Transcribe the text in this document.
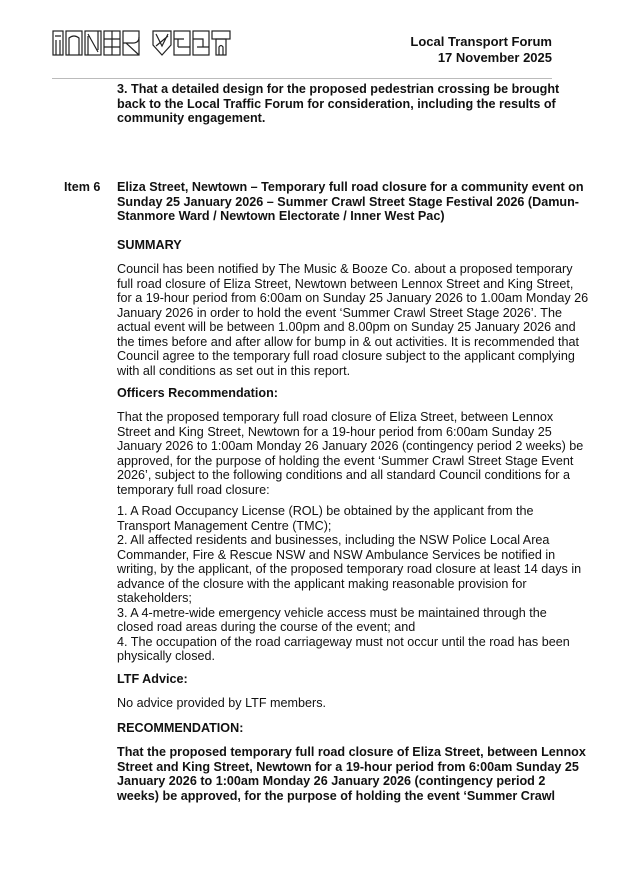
Local Transport Forum
17 November 2025
3. That a detailed design for the proposed pedestrian crossing be brought
back to the Local Traffic Forum for consideration, including the results of
community engagement.
Item 6 Eliza Street, Newtown – Temporary full road closure for a community event on
Sunday 25 January 2026 – Summer Crawl Street Stage Festival 2026 (Damun-
Stanmore Ward / Newtown Electorate / Inner West Pac)
SUMMARY
Council has been notified by The Music & Booze Co. about a proposed temporary
full road closure of Eliza Street, Newtown between Lennox Street and King Street,
for a 19-hour period from 6:00am on Sunday 25 January 2026 to 1.00am Monday 26
January 2026 in order to hold the event ‘Summer Crawl Street Stage 2026’. The
actual event will be between 1.00pm and 8.00pm on Sunday 25 January 2026 and
the times before and after allow for bump in & out activities. It is recommended that
Council agree to the temporary full road closure subject to the applicant complying
with all conditions as set out in this report.
Officers Recommendation:
That the proposed temporary full road closure of Eliza Street, between Lennox
Street and King Street, Newtown for a 19-hour period from 6:00am Sunday 25
January 2026 to 1:00am Monday 26 January 2026 (contingency period 2 weeks) be
approved, for the purpose of holding the event ‘Summer Crawl Street Stage Event
2026’, subject to the following conditions and all standard Council conditions for a
temporary full road closure:
1. A Road Occupancy License (ROL) be obtained by the applicant from the
Transport Management Centre (TMC);
2. All affected residents and businesses, including the NSW Police Local Area
Commander, Fire & Rescue NSW and NSW Ambulance Services be notified in
writing, by the applicant, of the proposed temporary road closure at least 14 days in
advance of the closure with the applicant making reasonable provision for
stakeholders;
3. A 4-metre-wide emergency vehicle access must be maintained through the
closed road areas during the course of the event; and
4. The occupation of the road carriageway must not occur until the road has been
physically closed.
LTF Advice:
No advice provided by LTF members.
RECOMMENDATION:
That the proposed temporary full road closure of Eliza Street, between Lennox
Street and King Street, Newtown for a 19-hour period from 6:00am Sunday 25
January 2026 to 1:00am Monday 26 January 2026 (contingency period 2
weeks) be approved, for the purpose of holding the event ‘Summer Crawl
